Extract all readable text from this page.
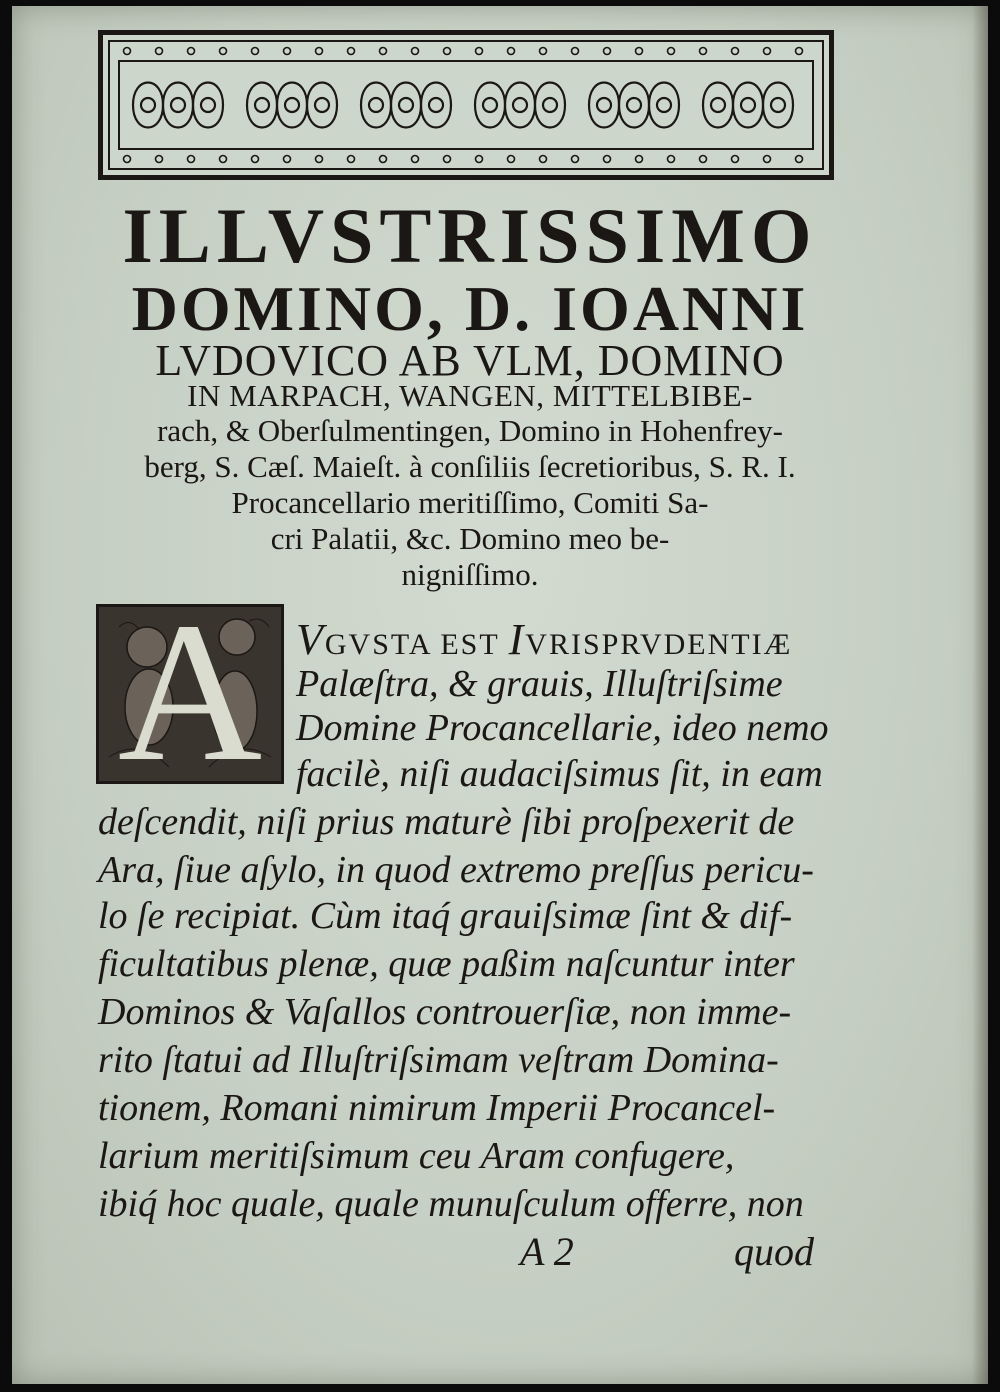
ILLVSTRISSIMO
DOMINO, D. IOANNI
LVDOVICO AB VLM, DOMINO
IN MARPACH, WANGEN, MITTELBIBE-

rach, & Oberſulmentingen, Domino in Hohenfrey-

berg, S. Cæſ. Maieſt. à conſiliis ſecretioribus, S. R. I.

Procancellario meritiſſimo, Comiti Sa-

cri Palatii, &c. Domino meo be-

nigniſſimo.

A VGVSTA EST IVRISPRVDENTIÆ

Palæſtra, & grauis, Illuſtriſsime

Domine Procancellarie, ideo nemo

facilè, niſi audaciſsimus ſit, in eam

deſcendit, niſi prius maturè ſibi proſpexerit de

Ara, ſiue aſylo, in quod extremo preſſus pericu-

lo ſe recipiat. Cùm itaq́ grauiſsimæ ſint & dif-

ficultatibus plenæ, quæ paßim naſcuntur inter

Dominos & Vaſallos controuerſiæ, non imme-

rito ſtatui ad Illuſtriſsimam veſtram Domina-

tionem, Romani nimirum Imperii Procancel-

larium meritiſsimum ceu Aram confugere,

ibiq́ hoc quale, quale munuſculum offerre, non

A 2	quod
